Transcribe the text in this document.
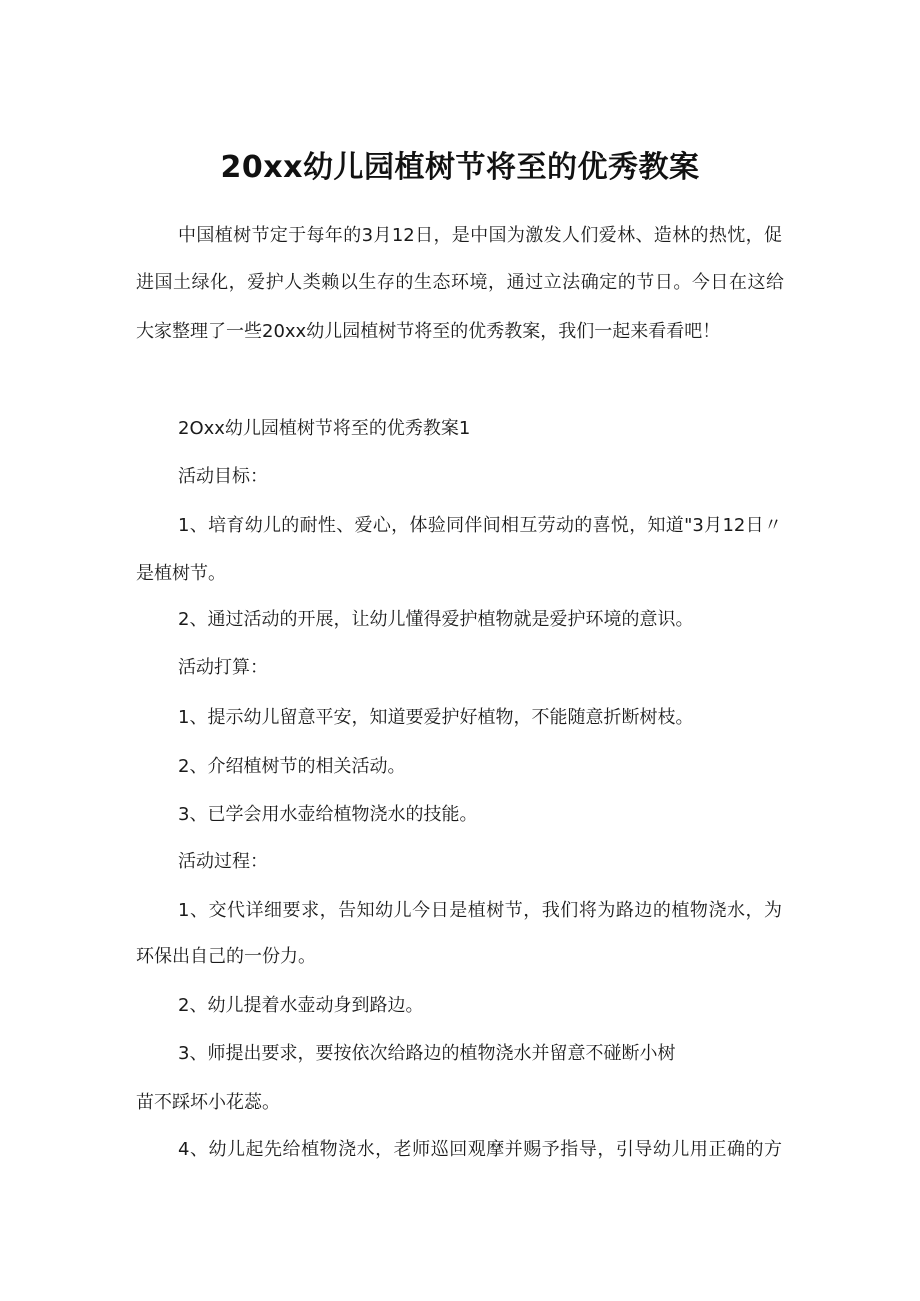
20xx幼儿园植树节将至的优秀教案

中国植树节定于每年的3月12日，是中国为激发人们爱林、造林的热忱，促

进国土绿化，爱护人类赖以生存的生态环境，通过立法确定的节日。今日在这给

大家整理了一些20xx幼儿园植树节将至的优秀教案，我们一起来看看吧！

2Oxx幼儿园植树节将至的优秀教案1

活动目标：

1、培育幼儿的耐性、爱心，体验同伴间相互劳动的喜悦，知道"3月12日〃

是植树节。

2、通过活动的开展，让幼儿懂得爱护植物就是爱护环境的意识。

活动打算：

1、提示幼儿留意平安，知道要爱护好植物，不能随意折断树枝。

2、介绍植树节的相关活动。

3、已学会用水壶给植物浇水的技能。

活动过程：

1、交代详细要求，告知幼儿今日是植树节，我们将为路边的植物浇水，为

环保出自己的一份力。

2、幼儿提着水壶动身到路边。

3、师提出要求，要按依次给路边的植物浇水并留意不碰断小树

苗不踩坏小花蕊。

4、幼儿起先给植物浇水，老师巡回观摩并赐予指导，引导幼儿用正确的方
